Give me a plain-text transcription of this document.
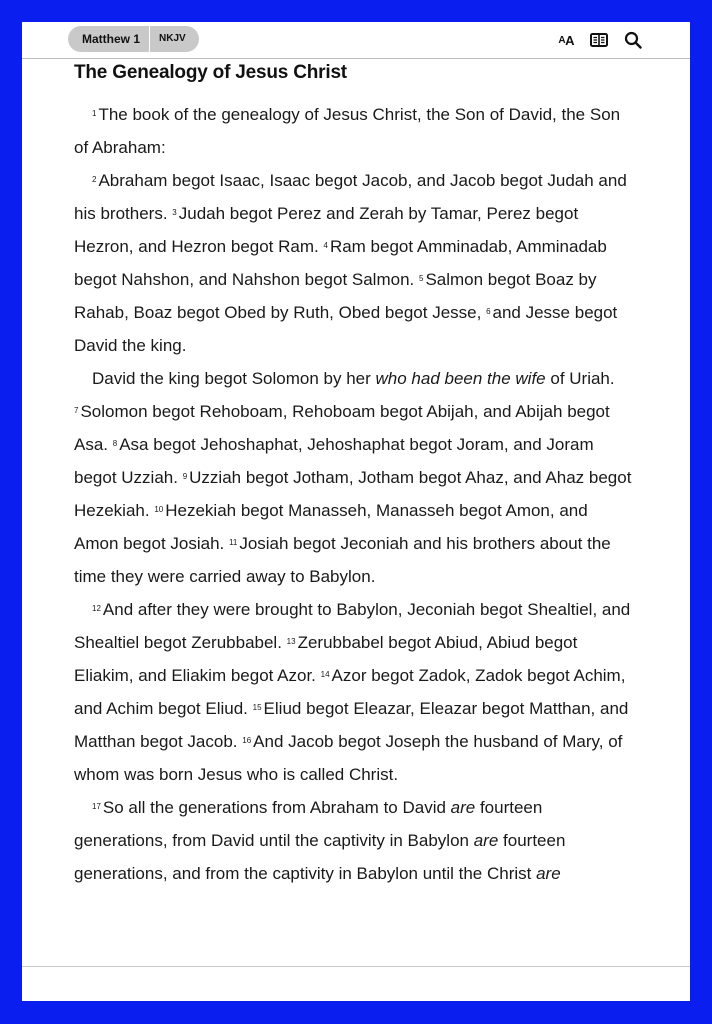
Matthew 1	NKJV	A A
The Genealogy of Jesus Christ

$^1$ The book of the genealogy of Jesus Christ, the Son of David, the Son of Abraham:

$^2$ Abraham begot Isaac, Isaac begot Jacob, and Jacob begot Judah and his brothers. $^3$ Judah begot Perez and Zerah by Tamar, Perez begot Hezron, and Hezron begot Ram. $^4$ Ram begot Amminadab, Amminadab begot Nahshon, and Nahshon begot Salmon. $^5$ Salmon begot Boaz by Rahab, Boaz begot Obed by Ruth, Obed begot Jesse, $^6$ and Jesse begot David the king.

David the king begot Solomon by her who had been the wife of Uriah. $^7$ Solomon begot Rehoboam, Rehoboam begot Abijah, and Abijah begot Asa. $^8$ Asa begot Jehoshaphat, Jehoshaphat begot Joram, and Joram begot Uzziah. $^9$ Uzziah begot Jotham, Jotham begot Ahaz, and Ahaz begot Hezekiah. $^{10}$ Hezekiah begot Manasseh, Manasseh begot Amon, and Amon begot Josiah. $^{11}$ Josiah begot Jeconiah and his brothers about the time they were carried away to Babylon.

$^{12}$ And after they were brought to Babylon, Jeconiah begot Shealtiel, and Shealtiel begot Zerubbabel. $^{13}$ Zerubbabel begot Abiud, Abiud begot Eliakim, and Eliakim begot Azor. $^{14}$ Azor begot Zadok, Zadok begot Achim, and Achim begot Eliud. $^{15}$ Eliud begot Eleazar, Eleazar begot Matthan, and Matthan begot Jacob. $^{16}$ And Jacob begot Joseph the husband of Mary, of whom was born Jesus who is called Christ.

$^{17}$ So all the generations from Abraham to David are fourteen generations, from David until the captivity in Babylon are fourteen generations, and from the captivity in Babylon until the Christ are
